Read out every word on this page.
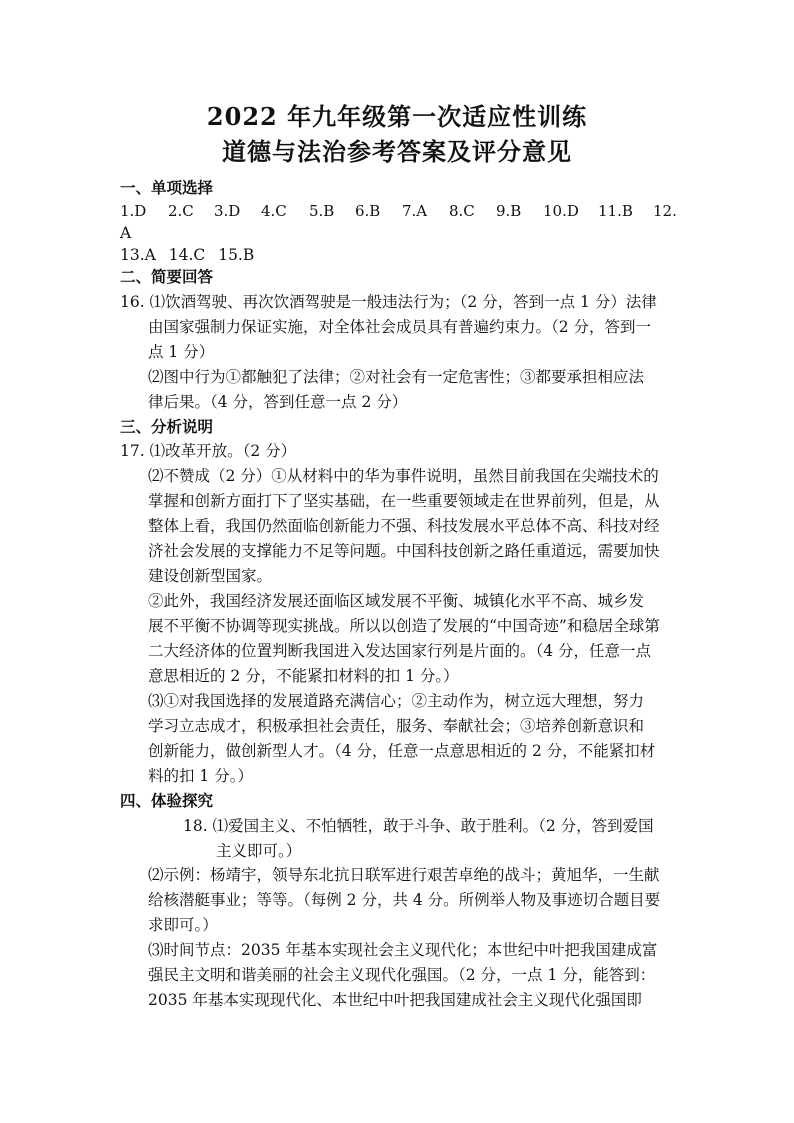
2022 年九年级第一次适应性训练
道德与法治参考答案及评分意见
一、单项选择
1.D 2.C 3.D 4.C 5.B 6.B 7.A 8.C 9.B 10.D 11.B 12.
A
13.A 14.C 15.B
二、简要回答
16. ⑴饮酒驾驶、再次饮酒驾驶是一般违法行为；（2 分，答到一点 1 分）法律
由国家强制力保证实施，对全体社会成员具有普遍约束力。（2 分，答到一
点 1 分）
⑵图中行为①都触犯了法律；②对社会有一定危害性；③都要承担相应法
律后果。（4 分，答到任意一点 2 分）
三、分析说明
17. ⑴改革开放。（2 分）
⑵不赞成（2 分）①从材料中的华为事件说明，虽然目前我国在尖端技术的
掌握和创新方面打下了坚实基础，在一些重要领域走在世界前列，但是，从
整体上看，我国仍然面临创新能力不强、科技发展水平总体不高、科技对经
济社会发展的支撑能力不足等问题。中国科技创新之路任重道远，需要加快
建设创新型国家。
②此外，我国经济发展还面临区域发展不平衡、城镇化水平不高、城乡发
展不平衡不协调等现实挑战。所以以创造了发展的“中国奇迹”和稳居全球第
二大经济体的位置判断我国进入发达国家行列是片面的。（4 分，任意一点
意思相近的 2 分，不能紧扣材料的扣 1 分。）
⑶①对我国选择的发展道路充满信心；②主动作为，树立远大理想，努力
学习立志成才，积极承担社会责任，服务、奉献社会；③培养创新意识和
创新能力，做创新型人才。（4 分，任意一点意思相近的 2 分，不能紧扣材
料的扣 1 分。）
四、体验探究
18. ⑴爱国主义、不怕牺牲，敢于斗争、敢于胜利。（2 分，答到爱国
主义即可。）
⑵示例：杨靖宇，领导东北抗日联军进行艰苦卓绝的战斗；黄旭华，一生献
给核潜艇事业；等等。（每例 2 分，共 4 分。所例举人物及事迹切合题目要
求即可。）
⑶时间节点：2035 年基本实现社会主义现代化；本世纪中叶把我国建成富
强民主文明和谐美丽的社会主义现代化强国。（2 分，一点 1 分，能答到：
2035 年基本实现现代化、本世纪中叶把我国建成社会主义现代化强国即
